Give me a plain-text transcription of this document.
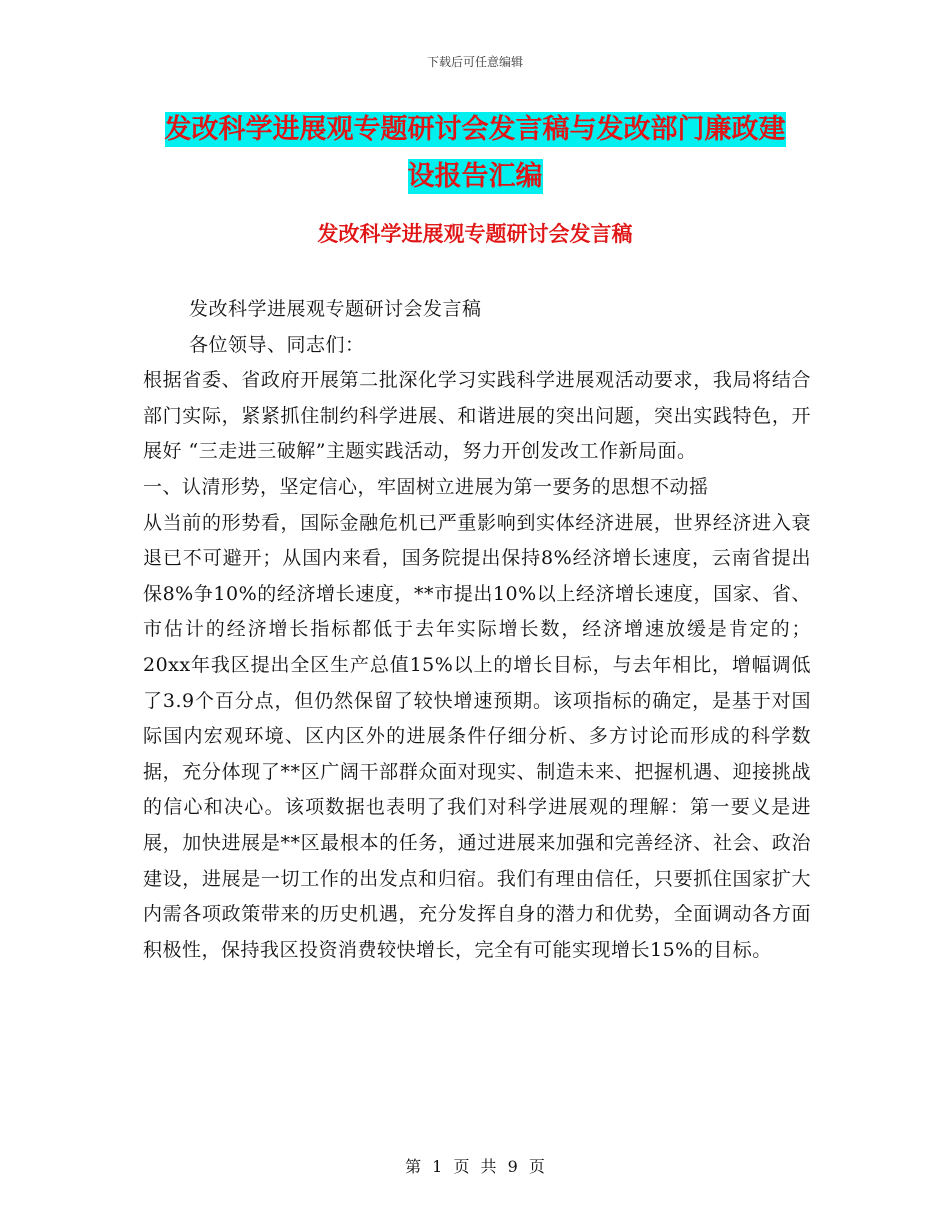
下载后可任意编辑
发改科学进展观专题研讨会发言稿与发改部门廉政建
设报告汇编
发改科学进展观专题研讨会发言稿

发改科学进展观专题研讨会发言稿

各位领导、同志们：

根据省委、省政府开展第二批深化学习实践科学进展观活动要求，我局将结合部门实际，紧紧抓住制约科学进展、和谐进展的突出问题，突出实践特色，开展好 “三走进三破解”主题实践活动，努力开创发改工作新局面。

一、认清形势，坚定信心，牢固树立进展为第一要务的思想不动摇

从当前的形势看，国际金融危机已严重影响到实体经济进展，世界经济进入衰退已不可避开；从国内来看，国务院提出保持8%经济增长速度，云南省提出保8%争10%的经济增长速度，**市提出10%以上经济增长速度，国家、省、市估计的经济增长指标都低于去年实际增长数，经济增速放缓是肯定的；20xx年我区提出全区生产总值15%以上的增长目标，与去年相比，增幅调低了3.9个百分点，但仍然保留了较快增速预期。该项指标的确定，是基于对国际国内宏观环境、区内区外的进展条件仔细分析、多方讨论而形成的科学数据，充分体现了**区广阔干部群众面对现实、制造未来、把握机遇、迎接挑战的信心和决心。该项数据也表明了我们对科学进展观的理解：第一要义是进展，加快进展是**区最根本的任务，通过进展来加强和完善经济、社会、政治建设，进展是一切工作的出发点和归宿。我们有理由信任，只要抓住国家扩大内需各项政策带来的历史机遇，充分发挥自身的潜力和优势，全面调动各方面积极性，保持我区投资消费较快增长，完全有可能实现增长15%的目标。

第 1 页 共 9 页
